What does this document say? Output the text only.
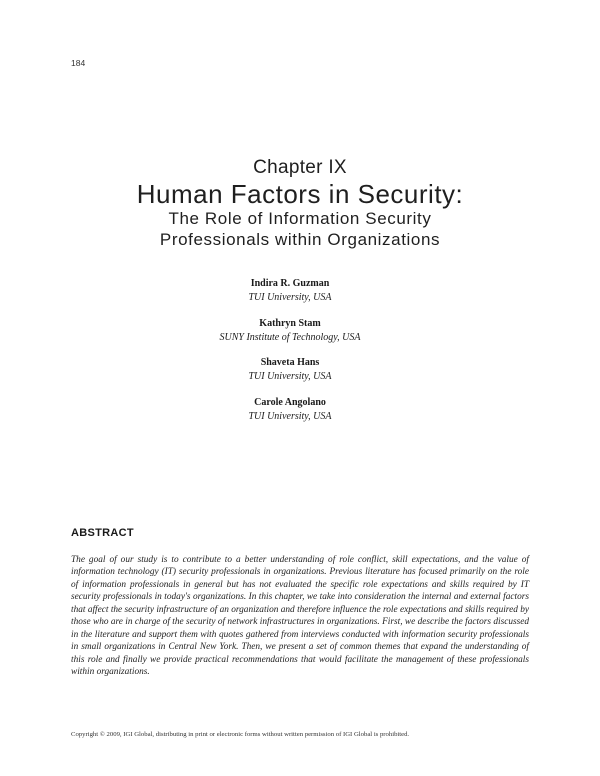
184
Chapter IX
Human Factors in Security:
The Role of Information Security
Professionals within Organizations
Indira R. Guzman
TUI University, USA
Kathryn Stam
SUNY Institute of Technology, USA
Shaveta Hans
TUI University, USA
Carole Angolano
TUI University, USA
ABSTRACT
The goal of our study is to contribute to a better understanding of role conflict, skill expectations, and the value of information technology (IT) security professionals in organizations. Previous literature has focused primarily on the role of information professionals in general but has not evaluated the specific role expectations and skills required by IT security professionals in today's organizations. In this chapter, we take into consideration the internal and external factors that affect the security infrastructure of an organization and therefore influence the role expectations and skills required by those who are in charge of the security of network infrastructures in organizations. First, we describe the factors discussed in the literature and support them with quotes gathered from interviews conducted with information security professionals in small organizations in Central New York. Then, we present a set of common themes that expand the understanding of this role and finally we provide practical recommendations that would facilitate the management of these professionals within organizations.
Copyright © 2009, IGI Global, distributing in print or electronic forms without written permission of IGI Global is prohibited.
